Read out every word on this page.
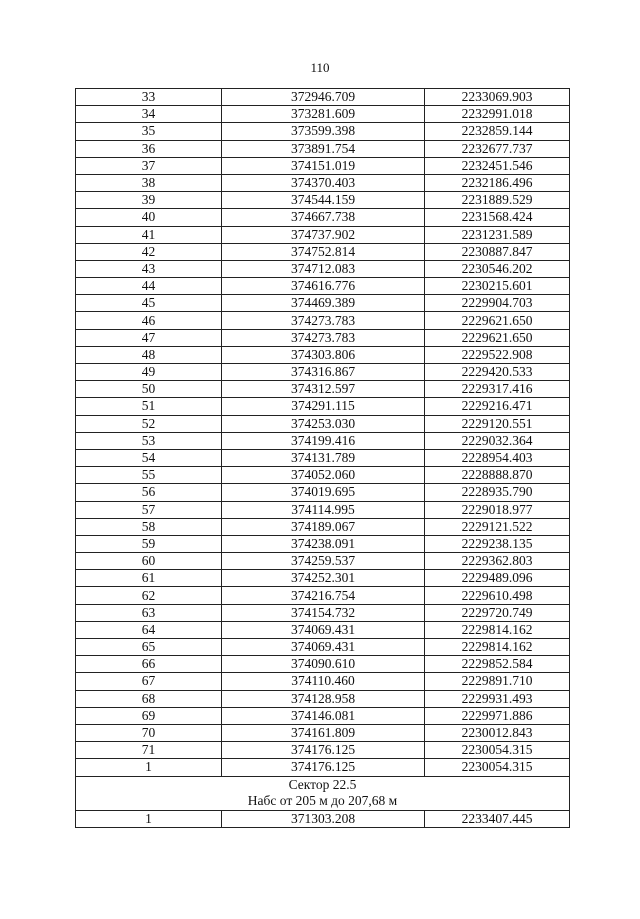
110
33	372946.709	2233069.903
34	373281.609	2232991.018
35	373599.398	2232859.144
36	373891.754	2232677.737
37	374151.019	2232451.546
38	374370.403	2232186.496
39	374544.159	2231889.529
40	374667.738	2231568.424
41	374737.902	2231231.589
42	374752.814	2230887.847
43	374712.083	2230546.202
44	374616.776	2230215.601
45	374469.389	2229904.703
46	374273.783	2229621.650
47	374273.783	2229621.650
48	374303.806	2229522.908
49	374316.867	2229420.533
50	374312.597	2229317.416
51	374291.115	2229216.471
52	374253.030	2229120.551
53	374199.416	2229032.364
54	374131.789	2228954.403
55	374052.060	2228888.870
56	374019.695	2228935.790
57	374114.995	2229018.977
58	374189.067	2229121.522
59	374238.091	2229238.135
60	374259.537	2229362.803
61	374252.301	2229489.096
62	374216.754	2229610.498
63	374154.732	2229720.749
64	374069.431	2229814.162
65	374069.431	2229814.162
66	374090.610	2229852.584
67	374110.460	2229891.710
68	374128.958	2229931.493
69	374146.081	2229971.886
70	374161.809	2230012.843
71	374176.125	2230054.315
1	374176.125	2230054.315

Сектор 22.5
Набс от 205 м до 207,68 м		

1	371303.208	2233407.445
